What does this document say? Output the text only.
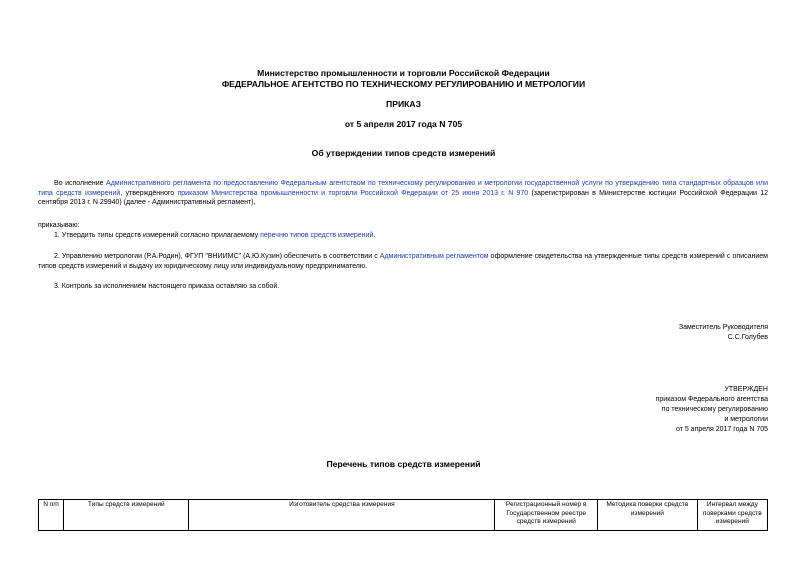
Министерство промышленности и торговли Российской Федерации
ФЕДЕРАЛЬНОЕ АГЕНТСТВО ПО ТЕХНИЧЕСКОМУ РЕГУЛИРОВАНИЮ И МЕТРОЛОГИИ
ПРИКАЗ
от 5 апреля 2017 года N 705
Об утверждении типов средств измерений
Во исполнение Административного регламента по предоставлению Федеральным агентством по техническому регулированию и метрологии государственной услуги по утверждению типа стандартных образцов или типа средств измерений, утверждённого приказом Министерства промышленности и торговли Российской Федерации от 25 июня 2013 г. N 970 (зарегистрирован в Министерстве юстиции Российской Федерации 12 сентября 2013 г. N 29940) (далее - Административный регламент),
приказываю:
1. Утвердить типы средств измерений согласно прилагаемому перечню типов средств измерений.
2. Управлению метрологии (Р.А.Родин), ФГУП "ВНИИМС" (А.Ю.Кузин) обеспечить в соответствии с Административным регламентом оформление свидетельства на утвержденные типы средств измерений с описанием типов средств измерений и выдачу их юридическому лицу или индивидуальному предпринимателю.
3. Контроль за исполнением настоящего приказа оставляю за собой.
Заместитель Руководителя
С.С.Голубев
УТВЕРЖДЕН
приказом Федерального агентства
по техническому регулированию
и метрологии
от 5 апреля 2017 года N 705
Перечень типов средств измерений
N п/п	Типы средств измерений	Изготовитель средства измерения	Регистрационный номер в Государственном реестре средств измерений	Методика поверки средств измерений	Интервал между поверками средств измерений
